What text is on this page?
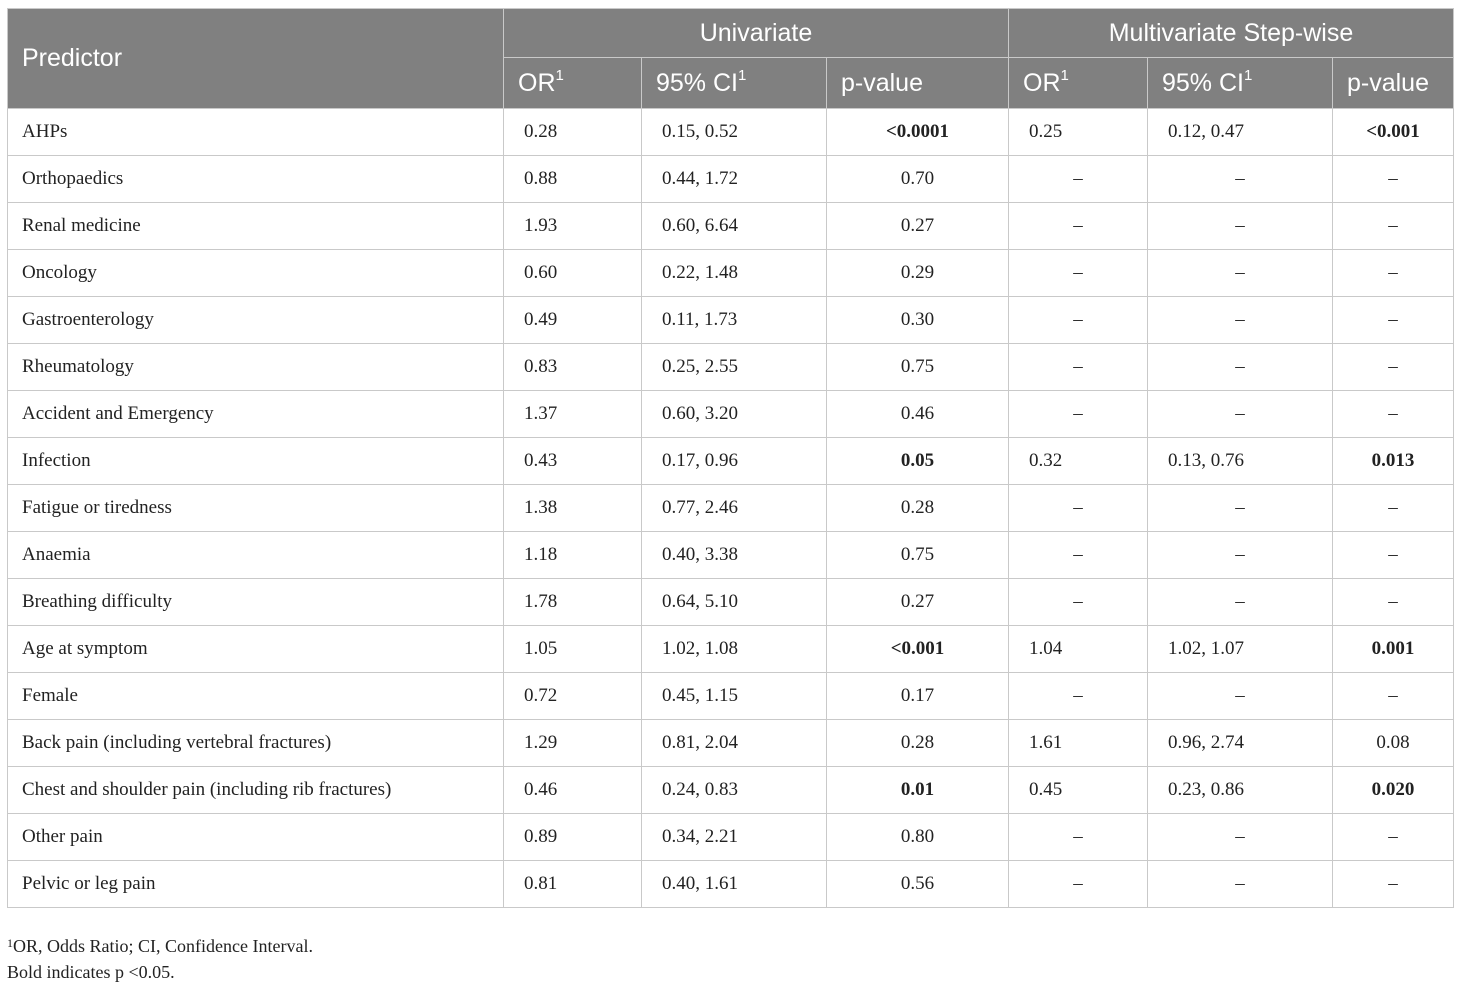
Predictor	Univariate			Multivariate Step-wise		
	$OR^1$	95% $CI^1$	p-value	$OR^1$	95% $CI^1$	p-value
AHPs	0.28	0.15, 0.52	<0.0001	0.25	0.12, 0.47	<0.001
Orthopaedics	0.88	0.44, 1.72	0.70	–	–	–
Renal medicine	1.93	0.60, 6.64	0.27	–	–	–
Oncology	0.60	0.22, 1.48	0.29	–	–	–
Gastroenterology	0.49	0.11, 1.73	0.30	–	–	–
Rheumatology	0.83	0.25, 2.55	0.75	–	–	–
Accident and Emergency	1.37	0.60, 3.20	0.46	–	–	–
Infection	0.43	0.17, 0.96	0.05	0.32	0.13, 0.76	0.013
Fatigue or tiredness	1.38	0.77, 2.46	0.28	–	–	–
Anaemia	1.18	0.40, 3.38	0.75	–	–	–
Breathing difficulty	1.78	0.64, 5.10	0.27	–	–	–
Age at symptom	1.05	1.02, 1.08	<0.001	1.04	1.02, 1.07	0.001
Female	0.72	0.45, 1.15	0.17	–	–	–
Back pain (including vertebral fractures)	1.29	0.81, 2.04	0.28	1.61	0.96, 2.74	0.08
Chest and shoulder pain (including rib fractures)	0.46	0.24, 0.83	0.01	0.45	0.23, 0.86	0.020
Other pain	0.89	0.34, 2.21	0.80	–	–	–
Pelvic or leg pain	0.81	0.40, 1.61	0.56	–	–	–
$^1$OR, Odds Ratio; CI, Confidence Interval.
Bold indicates p <0.05.
